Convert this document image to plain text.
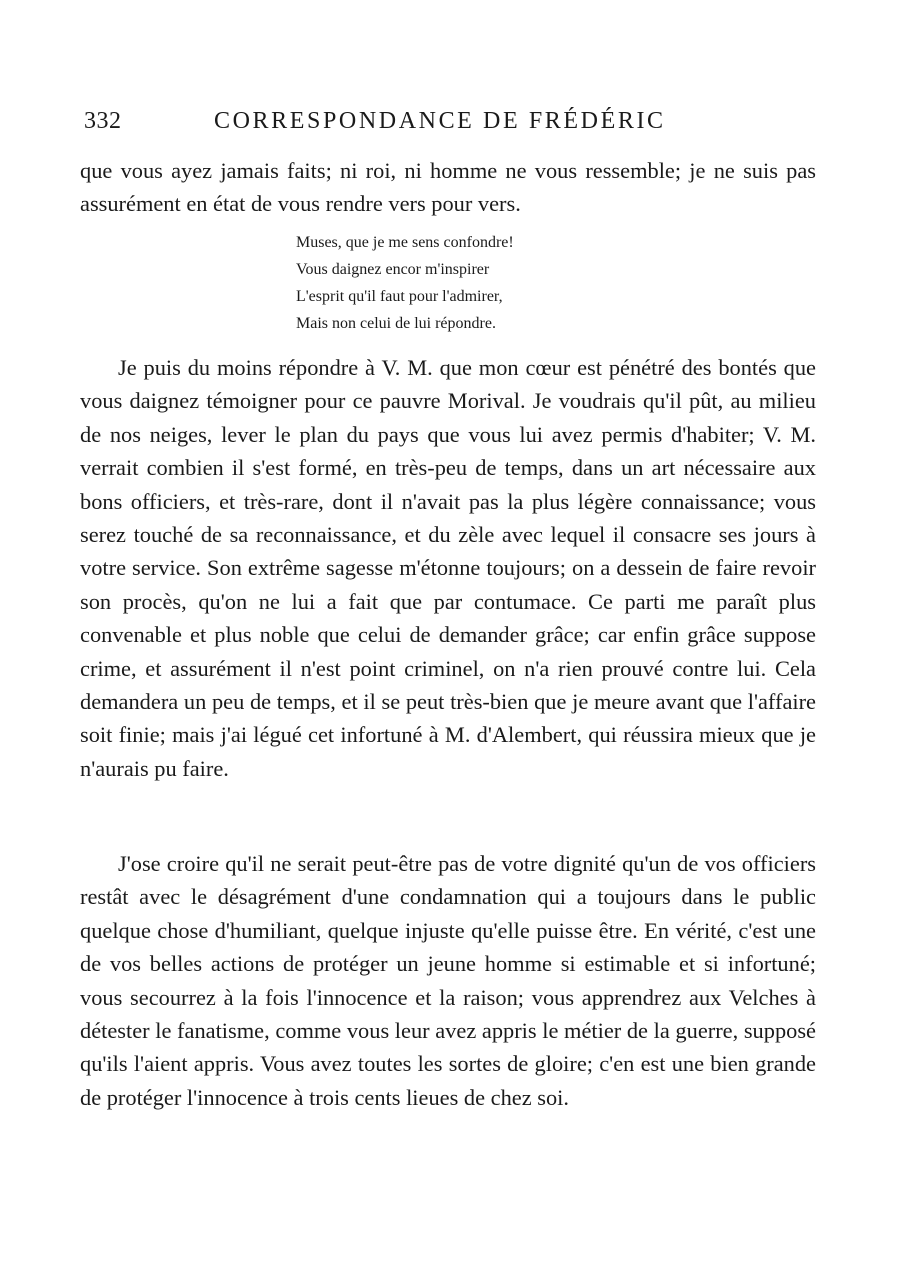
332	CORRESPONDANCE DE FRÉDÉRIC

que vous ayez jamais faits; ni roi, ni homme ne vous ressemble; je ne suis pas assurément en état de vous rendre vers pour vers.

Muses, que je me sens confondre!
Vous daignez encor m'inspirer
L'esprit qu'il faut pour l'admirer,
Mais non celui de lui répondre.

Je puis du moins répondre à V. M. que mon cœur est pénétré des bontés que vous daignez témoigner pour ce pauvre Morival. Je voudrais qu'il pût, au milieu de nos neiges, lever le plan du pays que vous lui avez permis d'habiter; V. M. verrait combien il s'est formé, en très-peu de temps, dans un art nécessaire aux bons officiers, et très-rare, dont il n'avait pas la plus légère connaissance; vous serez touché de sa reconnaissance, et du zèle avec lequel il consacre ses jours à votre service. Son extrême sagesse m'étonne toujours; on a dessein de faire revoir son procès, qu'on ne lui a fait que par contumace. Ce parti me paraît plus convenable et plus noble que celui de demander grâce; car enfin grâce suppose crime, et assurément il n'est point criminel, on n'a rien prouvé contre lui. Cela demandera un peu de temps, et il se peut très-bien que je meure avant que l'affaire soit finie; mais j'ai légué cet infortuné à M. d'Alembert, qui réussira mieux que je n'aurais pu faire.

J'ose croire qu'il ne serait peut-être pas de votre dignité qu'un de vos officiers restât avec le désagrément d'une condamnation qui a toujours dans le public quelque chose d'humiliant, quelque injuste qu'elle puisse être. En vérité, c'est une de vos belles actions de protéger un jeune homme si estimable et si infortuné; vous secourrez à la fois l'innocence et la raison; vous apprendrez aux Velches à détester le fanatisme, comme vous leur avez appris le métier de la guerre, supposé qu'ils l'aient appris. Vous avez toutes les sortes de gloire; c'en est une bien grande de protéger l'innocence à trois cents lieues de chez soi.
